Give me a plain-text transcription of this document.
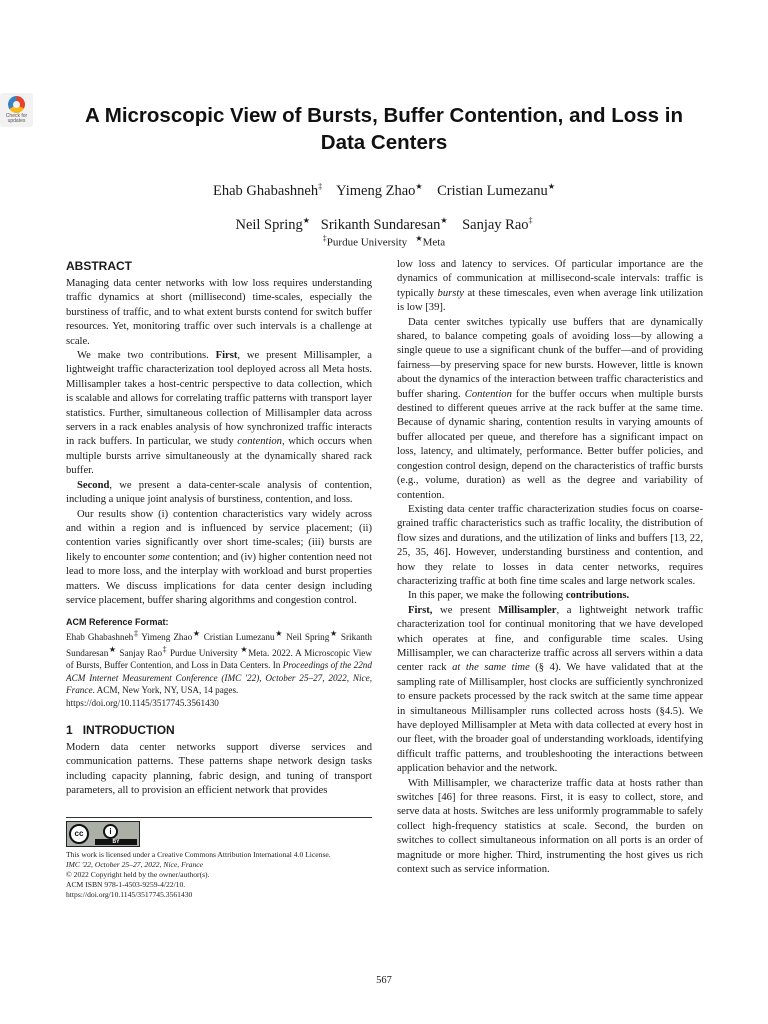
Check for updates	A Microscopic View of Bursts, Buffer Contention, and Loss in Data Centers
Ehab Ghabashneh‡ Yimeng Zhao★ Cristian Lumezanu★
Neil Spring★ Srikanth Sundaresan★ Sanjay Rao‡
‡Purdue University ★Meta
ABSTRACT

Managing data center networks with low loss requires understanding traffic dynamics at short (millisecond) time-scales, especially the burstiness of traffic, and to what extent bursts contend for switch buffer resources. Yet, monitoring traffic over such intervals is a challenge at scale.

We make two contributions. First, we present Millisampler, a lightweight traffic characterization tool deployed across all Meta hosts. Millisampler takes a host-centric perspective to data collection, which is scalable and allows for correlating traffic patterns with transport layer statistics. Further, simultaneous collection of Millisampler data across servers in a rack enables analysis of how synchronized traffic interacts in rack buffers. In particular, we study contention, which occurs when multiple bursts arrive simultaneously at the dynamically shared rack buffer.

Second, we present a data-center-scale analysis of contention, including a unique joint analysis of burstiness, contention, and loss.

Our results show (i) contention characteristics vary widely across and within a region and is influenced by service placement; (ii) contention varies significantly over short time-scales; (iii) bursts are likely to encounter some contention; and (iv) higher contention need not lead to more loss, and the interplay with workload and burst properties matters. We discuss implications for data center design including service placement, buffer sharing algorithms and congestion control.

ACM Reference Format:
Ehab Ghabashneh‡ Yimeng Zhao★ Cristian Lumezanu★ Neil Spring★ Srikanth Sundaresan★ Sanjay Rao‡ Purdue University ★Meta. 2022. A Microscopic View of Bursts, Buffer Contention, and Loss in Data Centers. In Proceedings of the 22nd ACM Internet Measurement Conference (IMC '22), October 25–27, 2022, Nice, France. ACM, New York, NY, USA, 14 pages.
https://doi.org/10.1145/3517745.3561430
1 INTRODUCTION

Modern data center networks support diverse services and communication patterns. These patterns shape network design tasks including capacity planning, fabric design, and tuning of transport parameters, all to provision an efficient network that provides

low loss and latency to services. Of particular importance are the dynamics of communication at millisecond-scale intervals: traffic is typically bursty at these timescales, even when average link utilization is low [39].

Data center switches typically use buffers that are dynamically shared, to balance competing goals of avoiding loss—by allowing a single queue to use a significant chunk of the buffer—and of providing fairness—by preserving space for new bursts. However, little is known about the dynamics of the interaction between traffic characteristics and buffer sharing. Contention for the buffer occurs when multiple bursts destined to different queues arrive at the rack buffer at the same time. Because of dynamic sharing, contention results in varying amounts of buffer allocated per queue, and therefore has a significant impact on loss, latency, and ultimately, performance. Better buffer policies, and congestion control design, depend on the characteristics of traffic bursts (e.g., volume, duration) as well as the degree and variability of contention.

Existing data center traffic characterization studies focus on coarse-grained traffic characteristics such as traffic locality, the distribution of flow sizes and durations, and the utilization of links and buffers [13, 22, 25, 35, 46]. However, understanding burstiness and contention, and how they relate to losses in data center networks, requires characterizing traffic at both fine time scales and large network scales.

In this paper, we make the following contributions.

First, we present Millisampler, a lightweight network traffic characterization tool for continual monitoring that we have developed which operates at fine, and configurable time scales. Using Millisampler, we can characterize traffic across all servers within a data center rack at the same time (§ 4). We have validated that at the sampling rate of Millisampler, host clocks are sufficiently synchronized to ensure packets processed by the rack switch at the same time appear in simultaneous Millisampler runs collected across hosts (§4.5). We have deployed Millisampler at Meta with data collected at every host in our fleet, with the broader goal of understanding workloads, identifying difficult traffic patterns, and troubleshooting the interactions between application behavior and the network.

With Millisampler, we characterize traffic data at hosts rather than switches [46] for three reasons. First, it is easy to collect, store, and serve data at hosts. Switches are less uniformly programmable to safely collect high-frequency statistics at scale. Second, the burden on switches to collect simultaneous information on all ports is an order of magnitude or more higher. Third, instrumenting the host gives us rich context such as service information.

cc	i
BY
This work is licensed under a Creative Commons Attribution International 4.0 License.
IMC '22, October 25–27, 2022, Nice, France
© 2022 Copyright held by the owner/author(s).
ACM ISBN 978-1-4503-9259-4/22/10.
https://doi.org/10.1145/3517745.3561430
567
